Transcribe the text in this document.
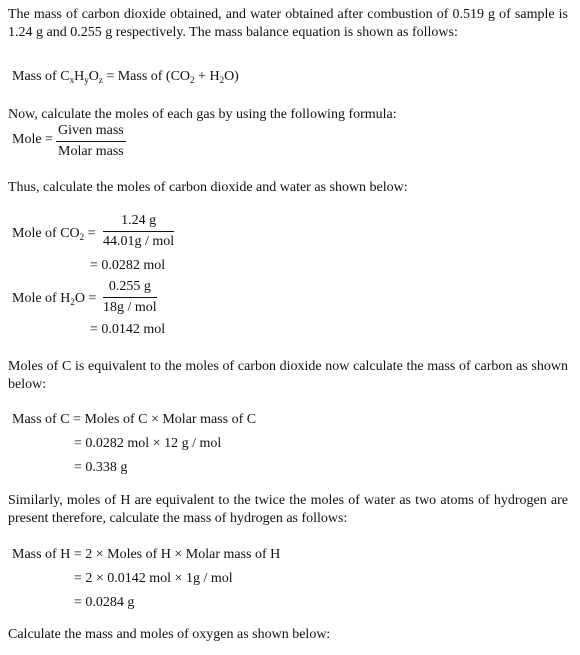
The mass of carbon dioxide obtained, and water obtained after combustion of 0.519 g of sample is 1.24 g and 0.255 g respectively. The mass balance equation is shown as follows:
Mass of $C_xH_yO_z$ = Mass of $(CO_2 + H_2O)$
Now, calculate the moles of each gas by using the following formula:
Mole =
Given mass
Molar mass
Thus, calculate the moles of carbon dioxide and water as shown below:
Mole of $CO_2$ =
1.24 g
44.01g / mol
= 0.0282 mol
Mole of $H_2O$ =
0.255 g
18g / mol
= 0.0142 mol
Moles of C is equivalent to the moles of carbon dioxide now calculate the mass of carbon as shown below:
Mass of C = Moles of C × Molar mass of C
= 0.0282 mol × 12 g / mol
= 0.338 g
Similarly, moles of H are equivalent to the twice the moles of water as two atoms of hydrogen are present therefore, calculate the mass of hydrogen as follows:
Mass of H = 2 × Moles of H × Molar mass of H
= 2 × 0.0142 mol × 1g / mol
= 0.0284 g
Calculate the mass and moles of oxygen as shown below:
